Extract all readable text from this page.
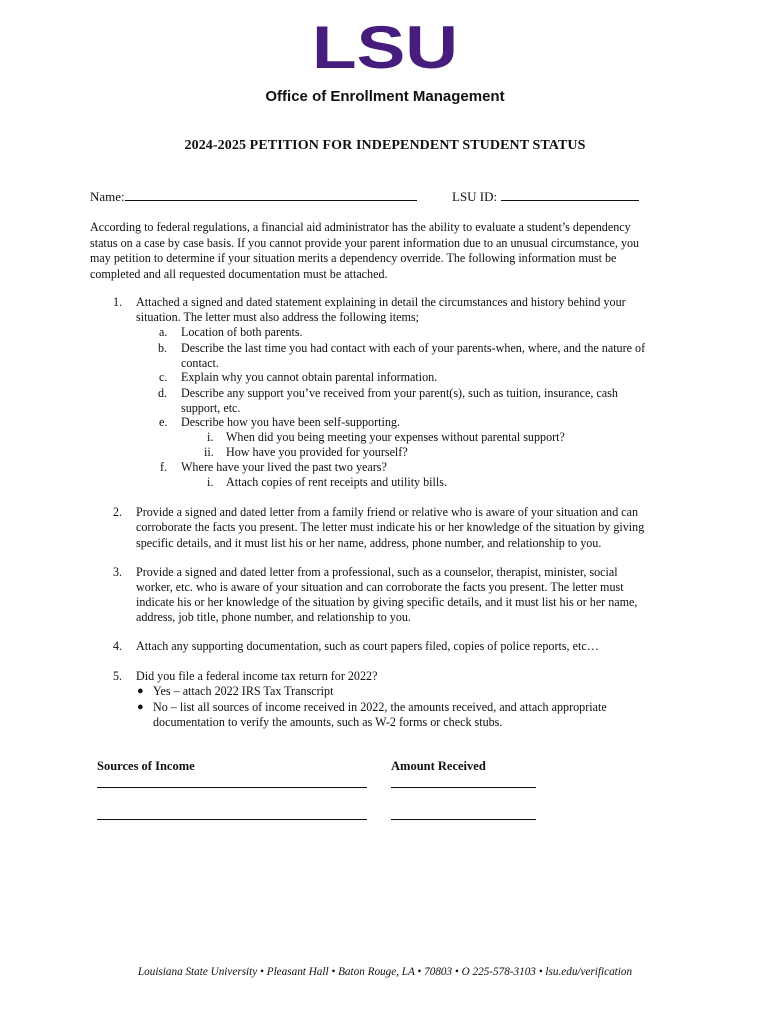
LSU
Office of Enrollment Management
2024-2025 PETITION FOR INDEPENDENT STUDENT STATUS
Name:	LSU ID:
According to federal regulations, a financial aid administrator has the ability to evaluate a student’s dependency
status on a case by case basis. If you cannot provide your parent information due to an unusual circumstance, you
may petition to determine if your situation merits a dependency override. The following information must be
completed and all requested documentation must be attached.
1. Attached a signed and dated statement explaining in detail the circumstances and history behind your
situation. The letter must also address the following items;
a. Location of both parents.
b. Describe the last time you had contact with each of your parents-when, where, and the nature of
contact.
c. Explain why you cannot obtain parental information.
d. Describe any support you’ve received from your parent(s), such as tuition, insurance, cash
support, etc.
e. Describe how you have been self-supporting.
i. When did you being meeting your expenses without parental support?
ii. How have you provided for yourself?
f. Where have your lived the past two years?
i. Attach copies of rent receipts and utility bills.
2. Provide a signed and dated letter from a family friend or relative who is aware of your situation and can
corroborate the facts you present. The letter must indicate his or her knowledge of the situation by giving
specific details, and it must list his or her name, address, phone number, and relationship to you.
3. Provide a signed and dated letter from a professional, such as a counselor, therapist, minister, social
worker, etc. who is aware of your situation and can corroborate the facts you present. The letter must
indicate his or her knowledge of the situation by giving specific details, and it must list his or her name,
address, job title, phone number, and relationship to you.
4. Attach any supporting documentation, such as court papers filed, copies of police reports, etc…
5. Did you file a federal income tax return for 2022?
● Yes – attach 2022 IRS Tax Transcript
● No – list all sources of income received in 2022, the amounts received, and attach appropriate
documentation to verify the amounts, such as W-2 forms or check stubs.
Sources of Income	Amount Received
Louisiana State University • Pleasant Hall • Baton Rouge, LA • 70803 • O 225-578-3103 • lsu.edu/verification
